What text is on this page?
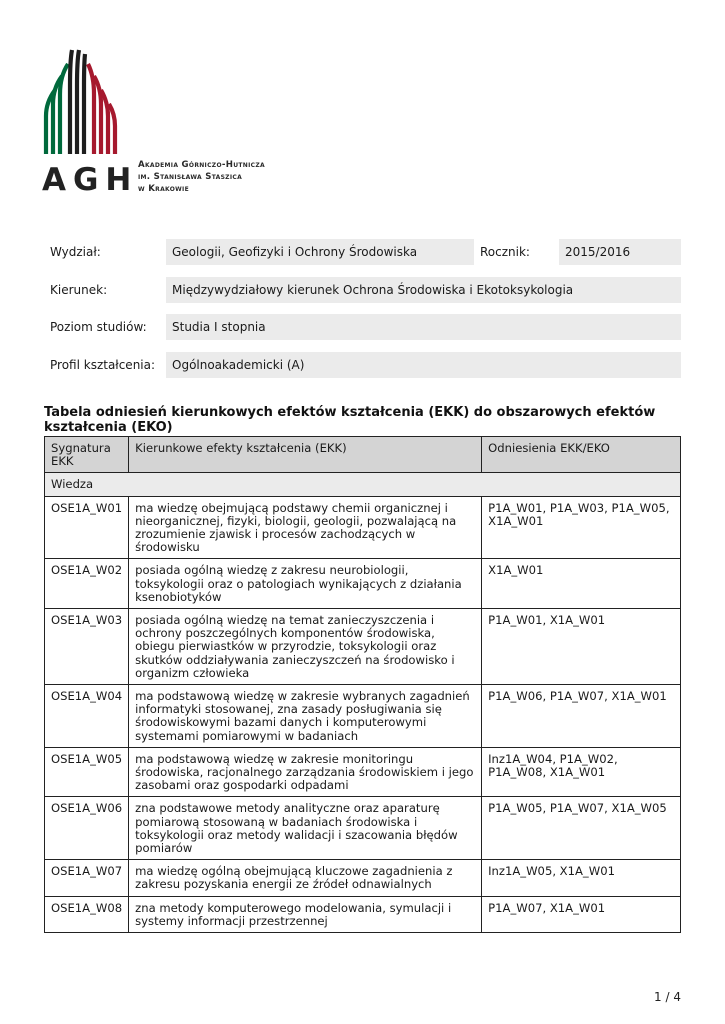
AGH Akademia Górniczo-Hutnicza
im. Stanisława Staszica
w Krakowie
Wydział:	Geologii, Geofizyki i Ochrony Środowiska	Rocznik:	2015/2016
Kierunek:	Międzywydziałowy kierunek Ochrona Środowiska i Ekotoksykologia
Poziom studiów:	Studia I stopnia
Profil kształcenia:	Ogólnoakademicki (A)
Tabela odniesień kierunkowych efektów kształcenia (EKK) do obszarowych efektów kształcenia (EKO)
Sygnatura EKK	Kierunkowe efekty kształcenia (EKK)	Odniesienia EKK/EKO
Wiedza		
OSE1A_W01	ma wiedzę obejmującą podstawy chemii organicznej i nieorganicznej, fizyki, biologii, geologii, pozwalającą na zrozumienie zjawisk i procesów zachodzących w środowisku	P1A_W01, P1A_W03, P1A_W05, X1A_W01
OSE1A_W02	posiada ogólną wiedzę z zakresu neurobiologii, toksykologii oraz o patologiach wynikających z działania ksenobiotyków	X1A_W01
OSE1A_W03	posiada ogólną wiedzę na temat zanieczyszczenia i ochrony poszczególnych komponentów środowiska, obiegu pierwiastków w przyrodzie, toksykologii oraz skutków oddziaływania zanieczyszczeń na środowisko i organizm człowieka	P1A_W01, X1A_W01
OSE1A_W04	ma podstawową wiedzę w zakresie wybranych zagadnień informatyki stosowanej, zna zasady posługiwania się środowiskowymi bazami danych i komputerowymi systemami pomiarowymi w badaniach	P1A_W06, P1A_W07, X1A_W01
OSE1A_W05	ma podstawową wiedzę w zakresie monitoringu środowiska, racjonalnego zarządzania środowiskiem i jego zasobami oraz gospodarki odpadami	Inz1A_W04, P1A_W02, P1A_W08, X1A_W01
OSE1A_W06	zna podstawowe metody analityczne oraz aparaturę pomiarową stosowaną w badaniach środowiska i toksykologii oraz metody walidacji i szacowania błędów pomiarów	P1A_W05, P1A_W07, X1A_W05
OSE1A_W07	ma wiedzę ogólną obejmującą kluczowe zagadnienia z zakresu pozyskania energii ze źródeł odnawialnych	Inz1A_W05, X1A_W01
OSE1A_W08	zna metody komputerowego modelowania, symulacji i systemy informacji przestrzennej	P1A_W07, X1A_W01
1 / 4
